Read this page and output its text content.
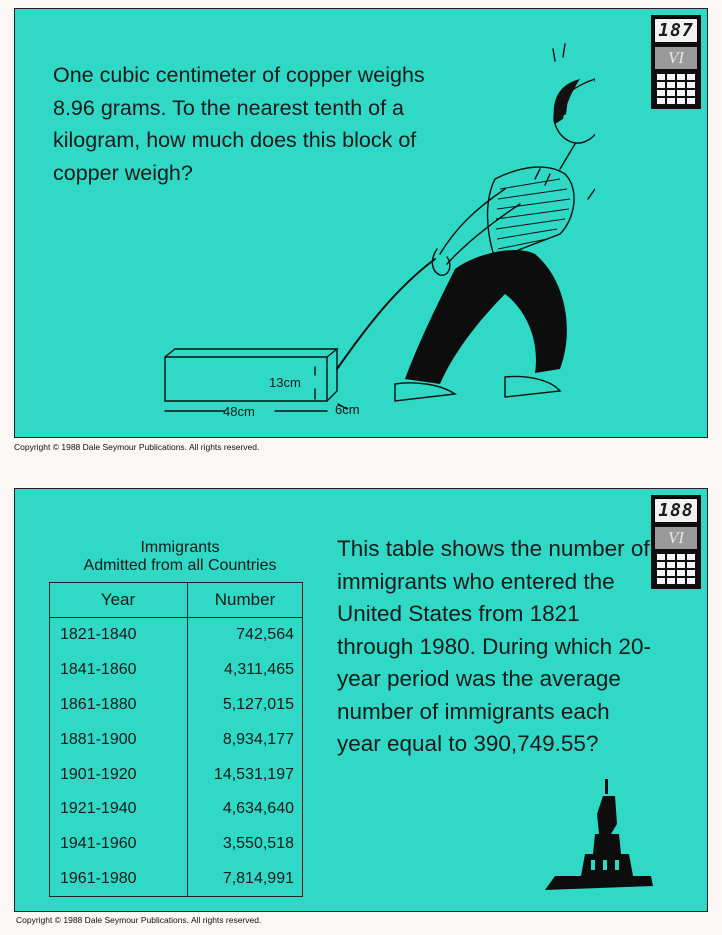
One cubic centimeter of copper weighs 8.96 grams. To the nearest tenth of a kilogram, how much does this block of copper weigh?

187
VI
13cm
48cm	6cm
Copyright © 1988 Dale Seymour Publications. All rights reserved.
Immigrants
Admitted from all Countries
Year	Number
1821-1840	742,564
1841-1860	4,311,465
1861-1880	5,127,015
1881-1900	8,934,177
1901-1920	14,531,197
1921-1940	4,634,640
1941-1960	3,550,518
1961-1980	7,814,991

This table shows the number of immigrants who entered the United States from 1821 through 1980. During which 20-year period was the average number of immigrants each year equal to 390,749.55?

188
VI
Copyright © 1988 Dale Seymour Publications. All rights reserved.
